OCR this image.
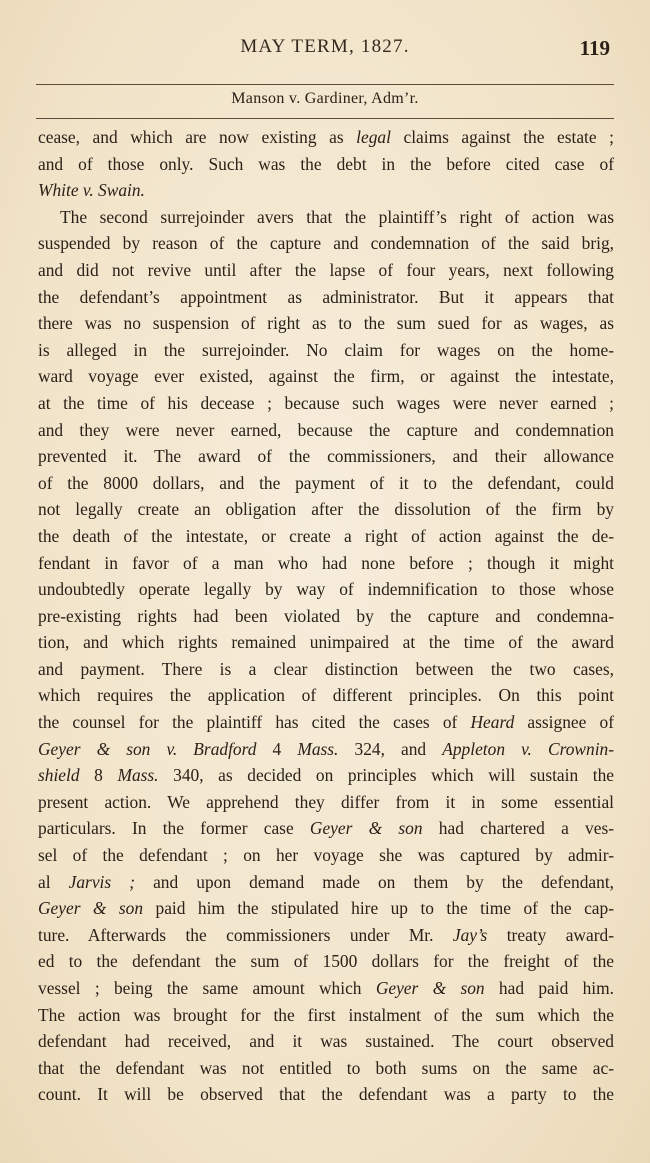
MAY TERM, 1827.	119
Manson v. Gardiner, Adm’r.
cease, and which are now existing as legal claims against the estate ;
and of those only. Such was the debt in the before cited case of
White v. Swain.
The second surrejoinder avers that the plaintiff’s right of action was
suspended by reason of the capture and condemnation of the said brig,
and did not revive until after the lapse of four years, next following
the defendant’s appointment as administrator. But it appears that
there was no suspension of right as to the sum sued for as wages, as
is alleged in the surrejoinder. No claim for wages on the home-
ward voyage ever existed, against the firm, or against the intestate,
at the time of his decease ; because such wages were never earned ;
and they were never earned, because the capture and condemnation
prevented it. The award of the commissioners, and their allowance
of the 8000 dollars, and the payment of it to the defendant, could
not legally create an obligation after the dissolution of the firm by
the death of the intestate, or create a right of action against the de-
fendant in favor of a man who had none before ; though it might
undoubtedly operate legally by way of indemnification to those whose
pre-existing rights had been violated by the capture and condemna-
tion, and which rights remained unimpaired at the time of the award
and payment. There is a clear distinction between the two cases,
which requires the application of different principles. On this point
the counsel for the plaintiff has cited the cases of Heard assignee of
Geyer & son v. Bradford 4 Mass. 324, and Appleton v. Crownin-
shield 8 Mass. 340, as decided on principles which will sustain the
present action. We apprehend they differ from it in some essential
particulars. In the former case Geyer & son had chartered a ves-
sel of the defendant ; on her voyage she was captured by admir-
al Jarvis ; and upon demand made on them by the defendant,
Geyer & son paid him the stipulated hire up to the time of the cap-
ture. Afterwards the commissioners under Mr. Jay’s treaty award-
ed to the defendant the sum of 1500 dollars for the freight of the
vessel ; being the same amount which Geyer & son had paid him.
The action was brought for the first instalment of the sum which the
defendant had received, and it was sustained. The court observed
that the defendant was not entitled to both sums on the same ac-
count. It will be observed that the defendant was a party to the
